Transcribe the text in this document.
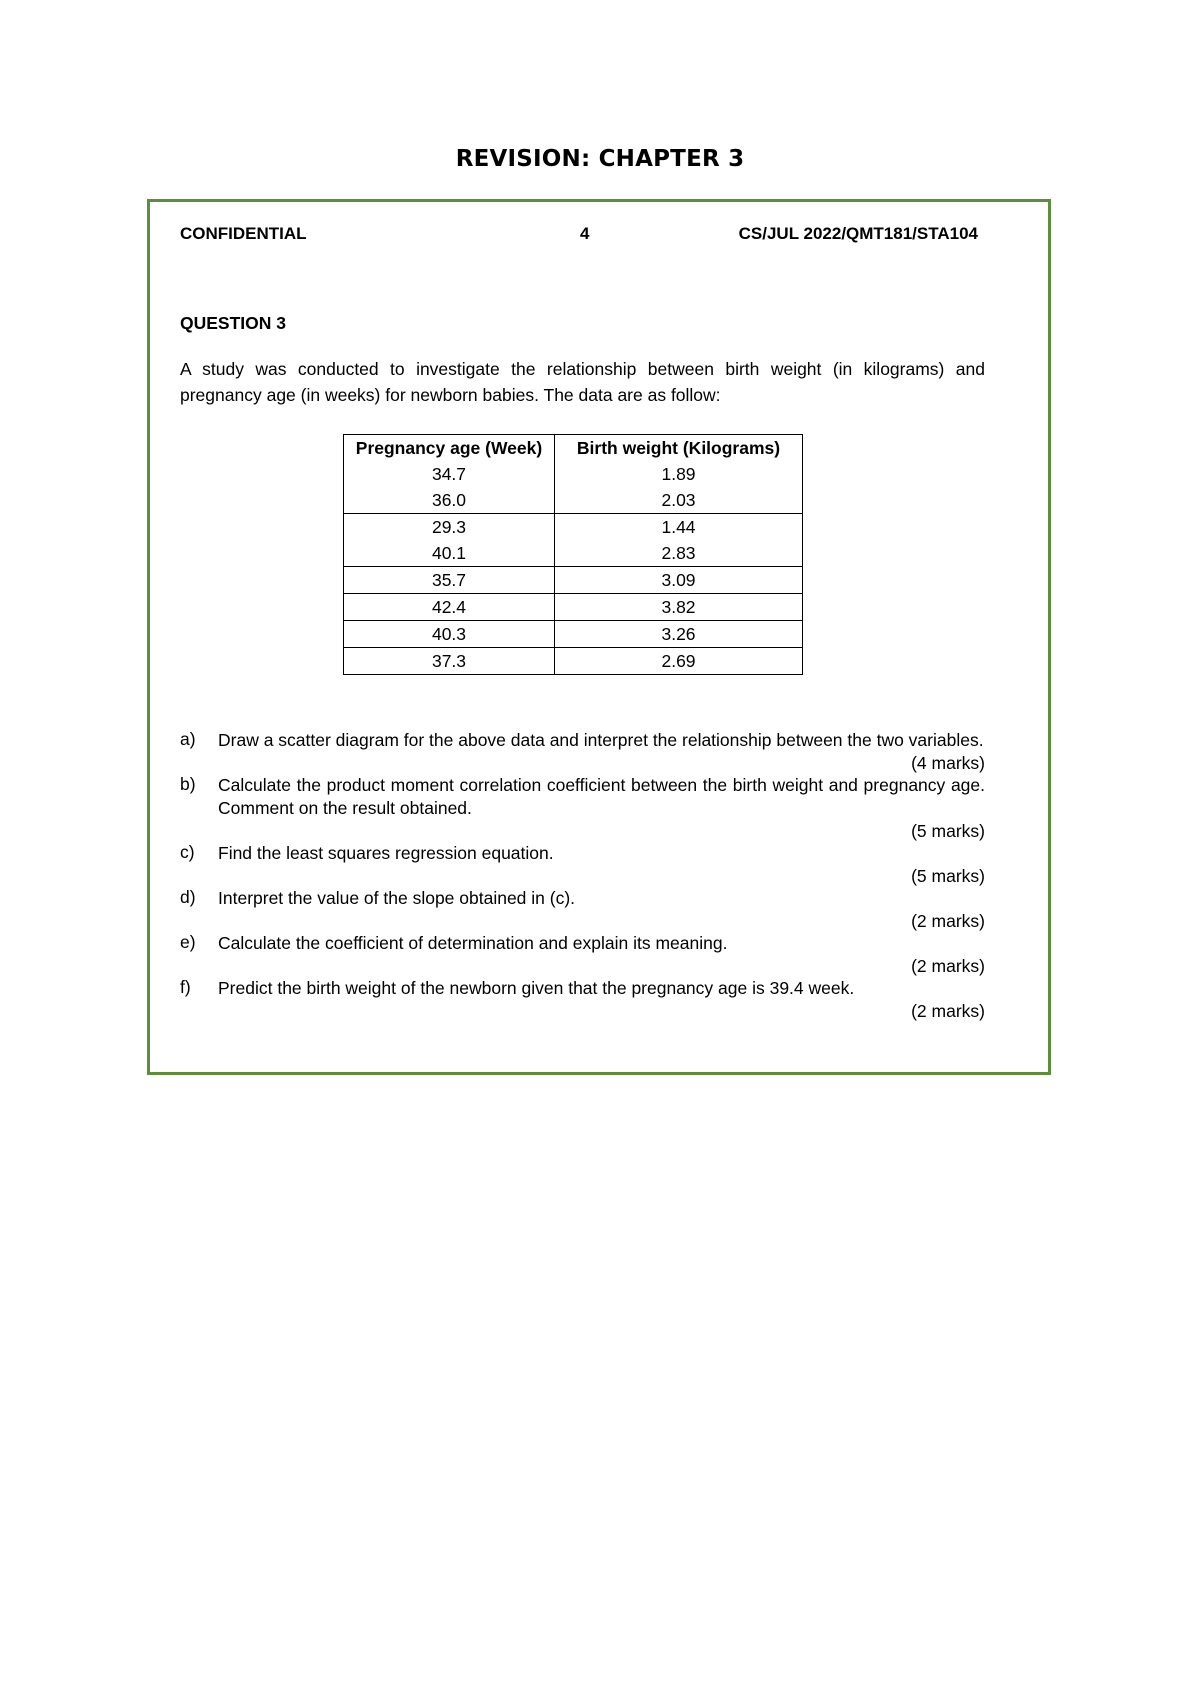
REVISION: CHAPTER 3
CONFIDENTIAL	4	CS/JUL 2022/QMT181/STA104
QUESTION 3
A study was conducted to investigate the relationship between birth weight (in kilograms) and pregnancy age (in weeks) for newborn babies. The data are as follow:
Pregnancy age (Week)	Birth weight (Kilograms)
34.7	1.89
36.0	2.03
29.3	1.44
40.1	2.83
35.7	3.09
42.4	3.82
40.3	3.26
37.3	2.69
a)	Draw a scatter diagram for the above data and interpret the relationship between the two variables.
(4 marks)
b)	Calculate the product moment correlation coefficient between the birth weight and pregnancy age. Comment on the result obtained.
(5 marks)
c)	Find the least squares regression equation.
(5 marks)
d)	Interpret the value of the slope obtained in (c).
(2 marks)
e)	Calculate the coefficient of determination and explain its meaning.
(2 marks)
f)	Predict the birth weight of the newborn given that the pregnancy age is 39.4 week.
(2 marks)
